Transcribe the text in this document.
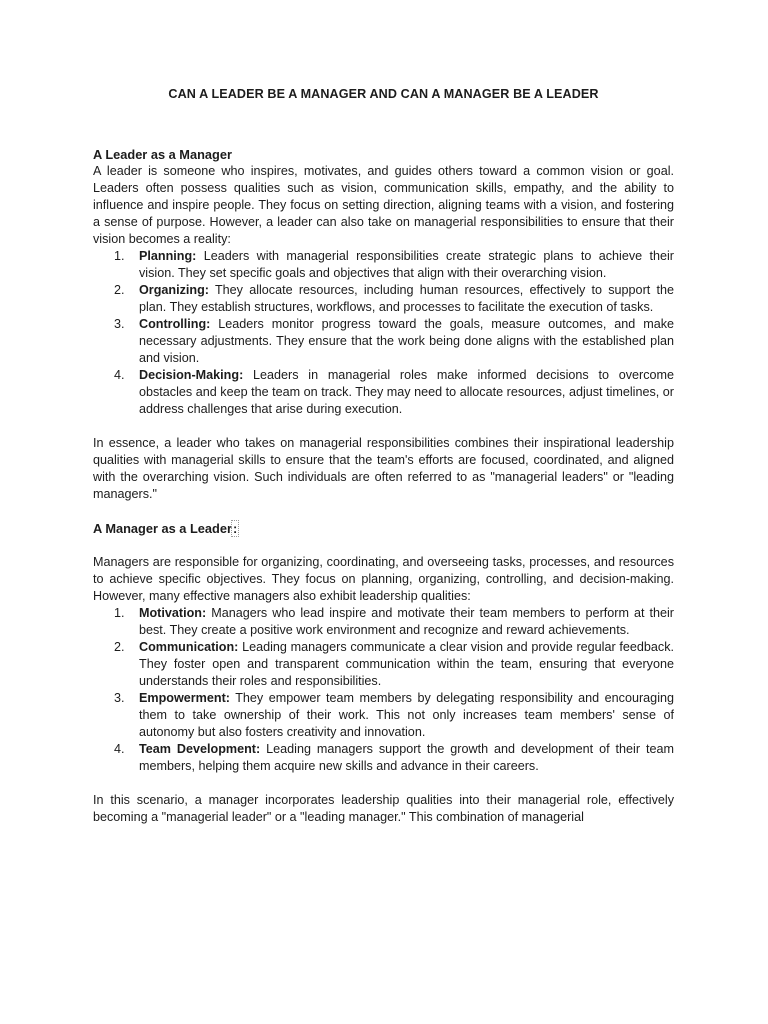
CAN A LEADER BE A MANAGER AND CAN A MANAGER BE A LEADER
A Leader as a Manager

A leader is someone who inspires, motivates, and guides others toward a common vision or goal. Leaders often possess qualities such as vision, communication skills, empathy, and the ability to influence and inspire people. They focus on setting direction, aligning teams with a vision, and fostering a sense of purpose. However, a leader can also take on managerial responsibilities to ensure that their vision becomes a reality:

1. Planning: Leaders with managerial responsibilities create strategic plans to achieve their vision. They set specific goals and objectives that align with their overarching vision.
2. Organizing: They allocate resources, including human resources, effectively to support the plan. They establish structures, workflows, and processes to facilitate the execution of tasks.
3. Controlling: Leaders monitor progress toward the goals, measure outcomes, and make necessary adjustments. They ensure that the work being done aligns with the established plan and vision.
4. Decision-Making: Leaders in managerial roles make informed decisions to overcome obstacles and keep the team on track. They may need to allocate resources, adjust timelines, or address challenges that arise during execution.

In essence, a leader who takes on managerial responsibilities combines their inspirational leadership qualities with managerial skills to ensure that the team's efforts are focused, coordinated, and aligned with the overarching vision. Such individuals are often referred to as "managerial leaders" or "leading managers."

A Manager as a Leader:

Managers are responsible for organizing, coordinating, and overseeing tasks, processes, and resources to achieve specific objectives. They focus on planning, organizing, controlling, and decision-making. However, many effective managers also exhibit leadership qualities:

1. Motivation: Managers who lead inspire and motivate their team members to perform at their best. They create a positive work environment and recognize and reward achievements.
2. Communication: Leading managers communicate a clear vision and provide regular feedback. They foster open and transparent communication within the team, ensuring that everyone understands their roles and responsibilities.
3. Empowerment: They empower team members by delegating responsibility and encouraging them to take ownership of their work. This not only increases team members' sense of autonomy but also fosters creativity and innovation.
4. Team Development: Leading managers support the growth and development of their team members, helping them acquire new skills and advance in their careers.

In this scenario, a manager incorporates leadership qualities into their managerial role, effectively becoming a "managerial leader" or a "leading manager." This combination of managerial
